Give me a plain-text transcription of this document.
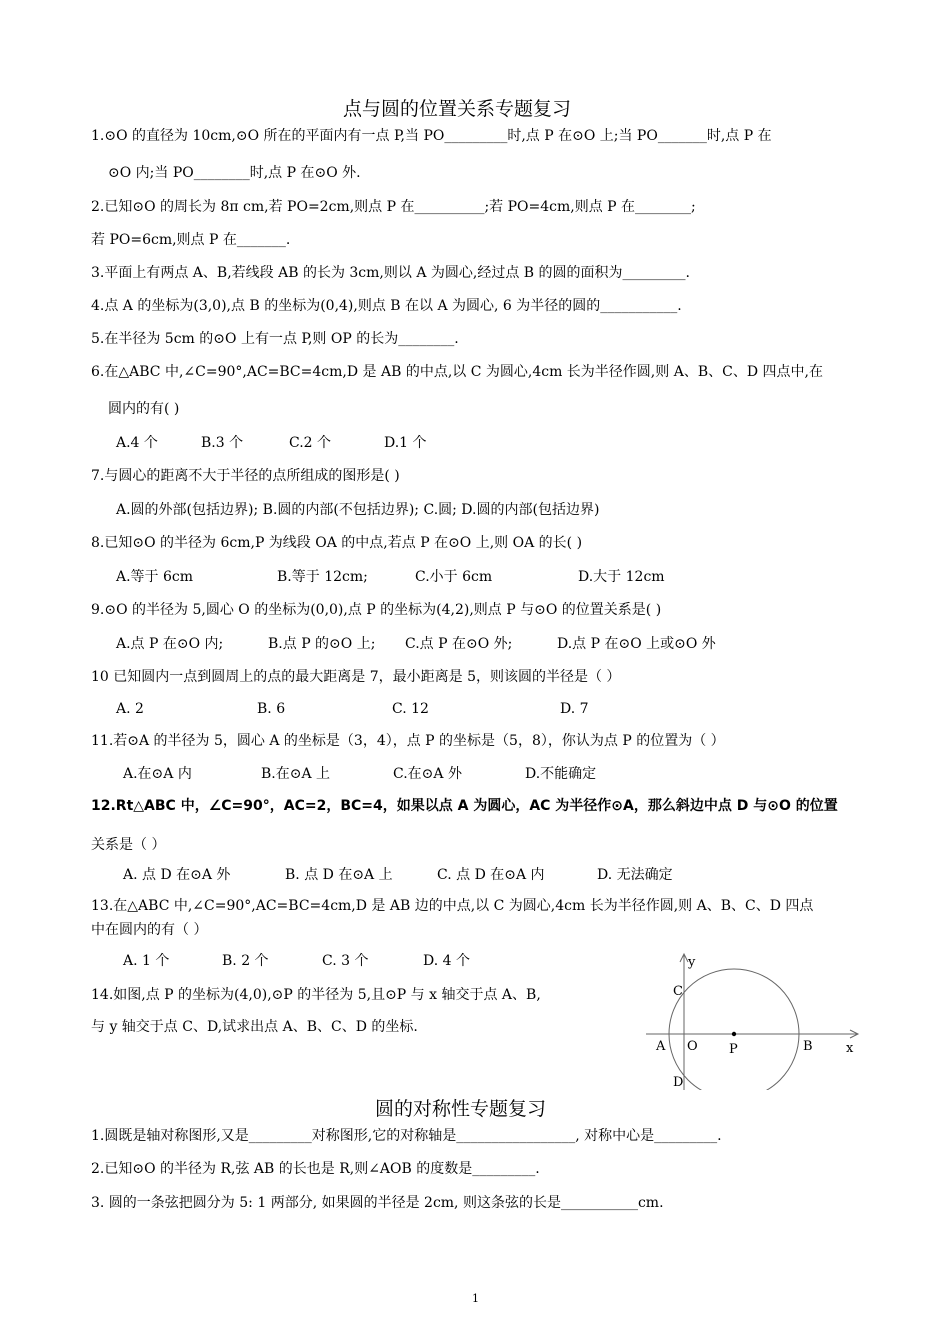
点与圆的位置关系专题复习
1.⊙O 的直径为 10cm,⊙O 所在的平面内有一点 P,当 PO_________时,点 P 在⊙O 上;当 PO_______时,点 P 在
⊙O 内;当 PO________时,点 P 在⊙O 外.
2.已知⊙O 的周长为 8π cm,若 PO=2cm,则点 P 在__________;若 PO=4cm,则点 P 在________;
若 PO=6cm,则点 P 在_______.
3.平面上有两点 A、B,若线段 AB 的长为 3cm,则以 A 为圆心,经过点 B 的圆的面积为_________.
4.点 A 的坐标为(3,0),点 B 的坐标为(0,4),则点 B 在以 A 为圆心, 6 为半径的圆的___________.
5.在半径为 5cm 的⊙O 上有一点 P,则 OP 的长为________.
6.在△ABC 中,∠C=90°,AC=BC=4cm,D 是 AB 的中点,以 C 为圆心,4cm 长为半径作圆,则 A、B、C、D 四点中,在
圆内的有( )
A.4 个	B.3 个	C.2 个	D.1 个
7.与圆心的距离不大于半径的点所组成的图形是( )
A.圆的外部(包括边界); B.圆的内部(不包括边界); C.圆; D.圆的内部(包括边界)
8.已知⊙O 的半径为 6cm,P 为线段 OA 的中点,若点 P 在⊙O 上,则 OA 的长( )
A.等于 6cm	B.等于 12cm;	C.小于 6cm	D.大于 12cm
9.⊙O 的半径为 5,圆心 O 的坐标为(0,0),点 P 的坐标为(4,2),则点 P 与⊙O 的位置关系是( )
A.点 P 在⊙O 内;	B.点 P 的⊙O 上; C.点 P 在⊙O 外;	D.点 P 在⊙O 上或⊙O 外
10 已知圆内一点到圆周上的点的最大距离是 7，最小距离是 5，则该圆的半径是（ ）
A. 2	B. 6	C. 12	D. 7
11.若⊙A 的半径为 5，圆心 A 的坐标是（3，4），点 P 的坐标是（5，8），你认为点 P 的位置为（ ）
A.在⊙A 内	B.在⊙A 上	C.在⊙A 外	D.不能确定
12.Rt△ABC 中，∠C=90°，AC=2，BC=4，如果以点 A 为圆心，AC 为半径作⊙A，那么斜边中点 D 与⊙O 的位置
关系是（ ）
A. 点 D 在⊙A 外	B. 点 D 在⊙A 上	C. 点 D 在⊙A 内	D. 无法确定
13.在△ABC 中,∠C=90°,AC=BC=4cm,D 是 AB 边的中点,以 C 为圆心,4cm 长为半径作圆,则 A、B、C、D 四点
中在圆内的有（ ）
A. 1 个	B. 2 个	C. 3 个	D. 4 个
14.如图,点 P 的坐标为(4,0),⊙P 的半径为 5,且⊙P 与 x 轴交于点 A、B,
与 y 轴交于点 C、D,试求出点 A、B、C、D 的坐标.
y
C
A O P	B	x
D
圆的对称性专题复习
1.圆既是轴对称图形,又是_________对称图形,它的对称轴是_________________, 对称中心是_________.
2.已知⊙O 的半径为 R,弦 AB 的长也是 R,则∠AOB 的度数是_________.
3. 圆的一条弦把圆分为 5: 1 两部分, 如果圆的半径是 2cm, 则这条弦的长是___________cm.
1
